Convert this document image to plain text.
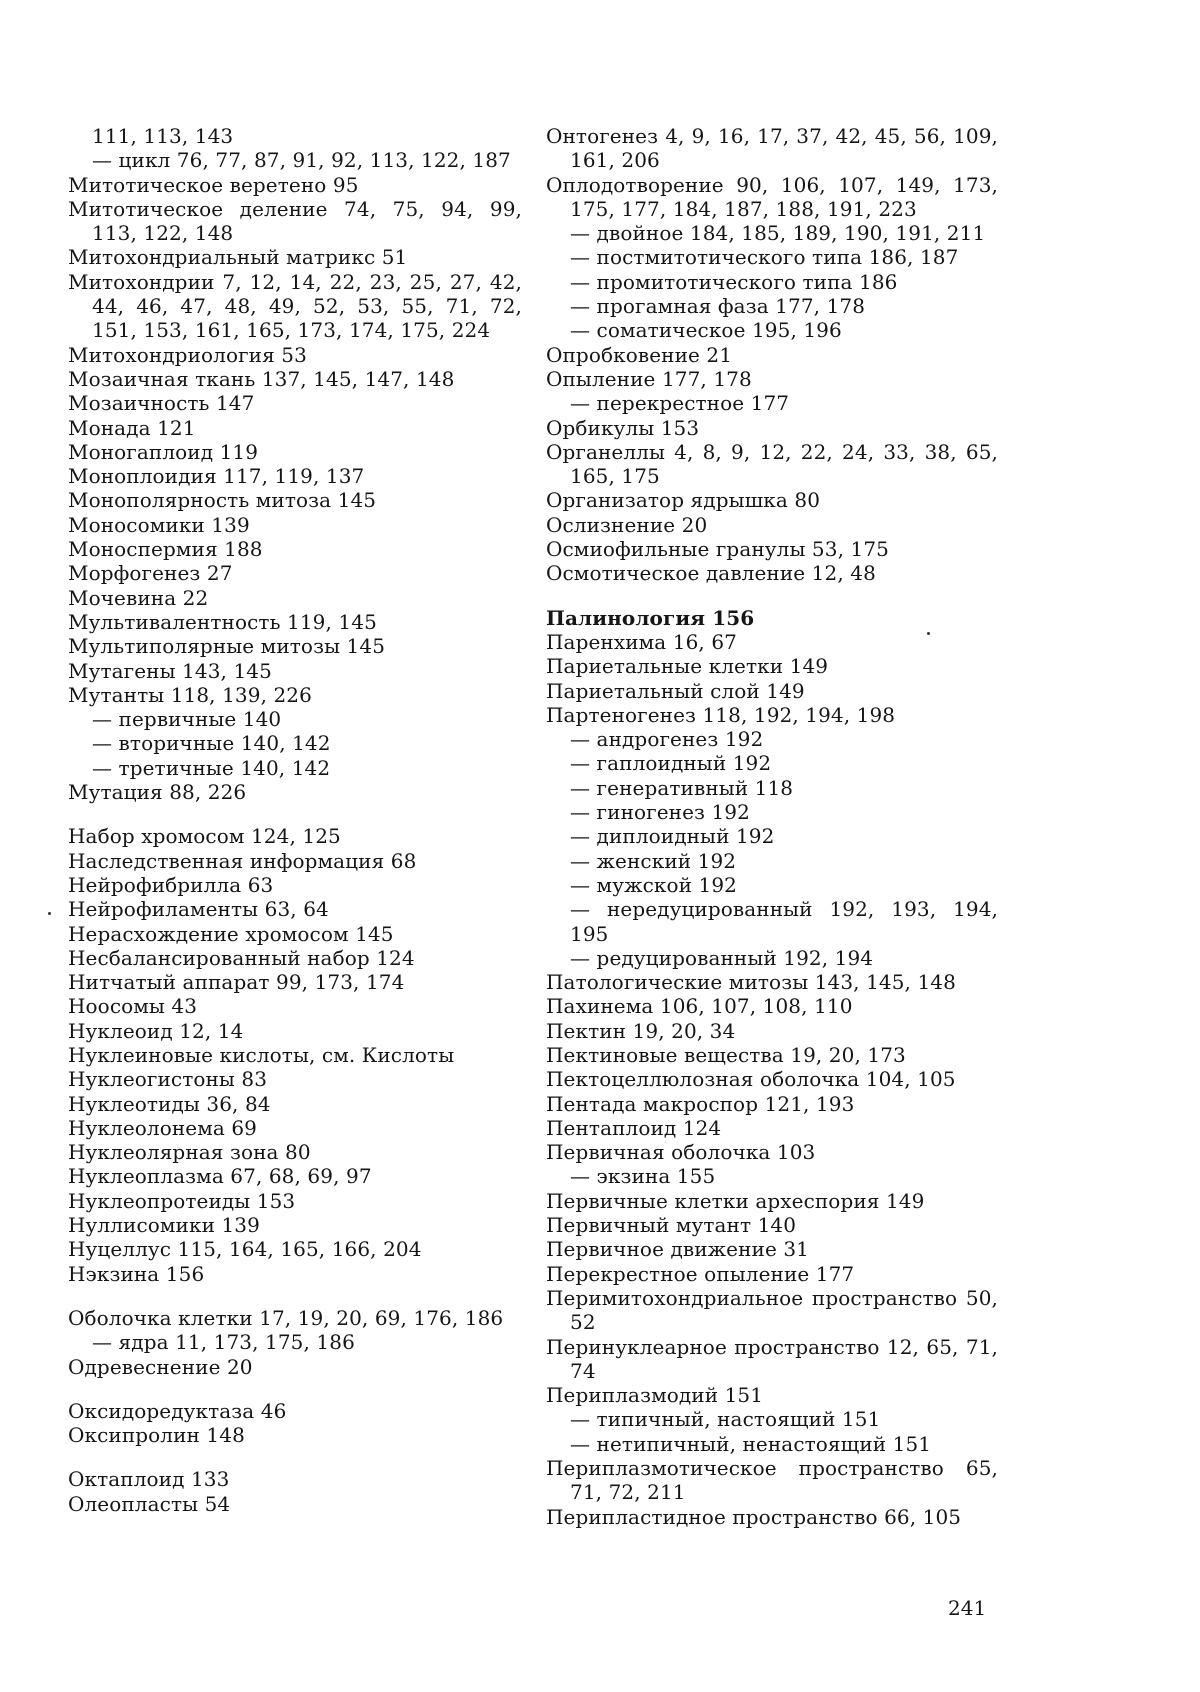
111, 113, 143
— цикл 76, 77, 87, 91, 92, 113, 122, 187
Митотическое веретено 95
Митотическое деление 74, 75, 94, 99, 113, 122, 148
Митохондриальный матрикс 51
Митохондрии 7, 12, 14, 22, 23, 25, 27, 42, 44, 46, 47, 48, 49, 52, 53, 55, 71, 72, 151, 153, 161, 165, 173, 174, 175, 224
Митохондриология 53
Мозаичная ткань 137, 145, 147, 148
Мозаичность 147
Монада 121
Моногаплоид 119
Моноплоидия 117, 119, 137
Монополярность митоза 145
Моносомики 139
Моноспермия 188
Морфогенез 27
Мочевина 22
Мультивалентность 119, 145
Мультиполярные митозы 145
Мутагены 143, 145
Мутанты 118, 139, 226
— первичные 140
— вторичные 140, 142
— третичные 140, 142
Мутация 88, 226
Набор хромосом 124, 125
Наследственная информация 68
Нейрофибрилла 63
Нейрофиламенты 63, 64
Нерасхождение хромосом 145
Несбалансированный набор 124
Нитчатый аппарат 99, 173, 174
Ноосомы 43
Нуклеоид 12, 14
Нуклеиновые кислоты, см. Кислоты
Нуклеогистоны 83
Нуклеотиды 36, 84
Нуклеолонема 69
Нуклеолярная зона 80
Нуклеоплазма 67, 68, 69, 97
Нуклеопротеиды 153
Нуллисомики 139
Нуцеллус 115, 164, 165, 166, 204
Нэкзина 156
Оболочка клетки 17, 19, 20, 69, 176, 186
— ядра 11, 173, 175, 186
Одревеснение 20
Оксидоредуктаза 46
Оксипролин 148
Октаплоид 133
Олеопласты 54
Онтогенез 4, 9, 16, 17, 37, 42, 45, 56, 109, 161, 206
Оплодотворение 90, 106, 107, 149, 173, 175, 177, 184, 187, 188, 191, 223
— двойное 184, 185, 189, 190, 191, 211
— постмитотического типа 186, 187
— промитотического типа 186
— прогамная фаза 177, 178
— соматическое 195, 196
Опробковение 21
Опыление 177, 178
— перекрестное 177
Орбикулы 153
Органеллы 4, 8, 9, 12, 22, 24, 33, 38, 65, 165, 175
Организатор ядрышка 80
Ослизнение 20
Осмиофильные гранулы 53, 175
Осмотическое давление 12, 48
Палинология 156
Паренхима 16, 67
Париетальные клетки 149
Париетальный слой 149
Партеногенез 118, 192, 194, 198
— андрогенез 192
— гаплоидный 192
— генеративный 118
— гиногенез 192
— диплоидный 192
— женский 192
— мужской 192
— нередуцированный 192, 193, 194, 195
— редуцированный 192, 194
Патологические митозы 143, 145, 148
Пахинема 106, 107, 108, 110
Пектин 19, 20, 34
Пектиновые вещества 19, 20, 173
Пектоцеллюлозная оболочка 104, 105
Пентада макроспор 121, 193
Пентаплоид 124
Первичная оболочка 103
— экзина 155
Первичные клетки археспория 149
Первичный мутант 140
Первичное движение 31
Перекрестное опыление 177
Перимитохондриальное пространство 50, 52
Перинуклеарное пространство 12, 65, 71, 74
Периплазмодий 151
— типичный, настоящий 151
— нетипичный, ненастоящий 151
Периплазмотическое пространство 65, 71, 72, 211
Перипластидное пространство 66, 105
241
